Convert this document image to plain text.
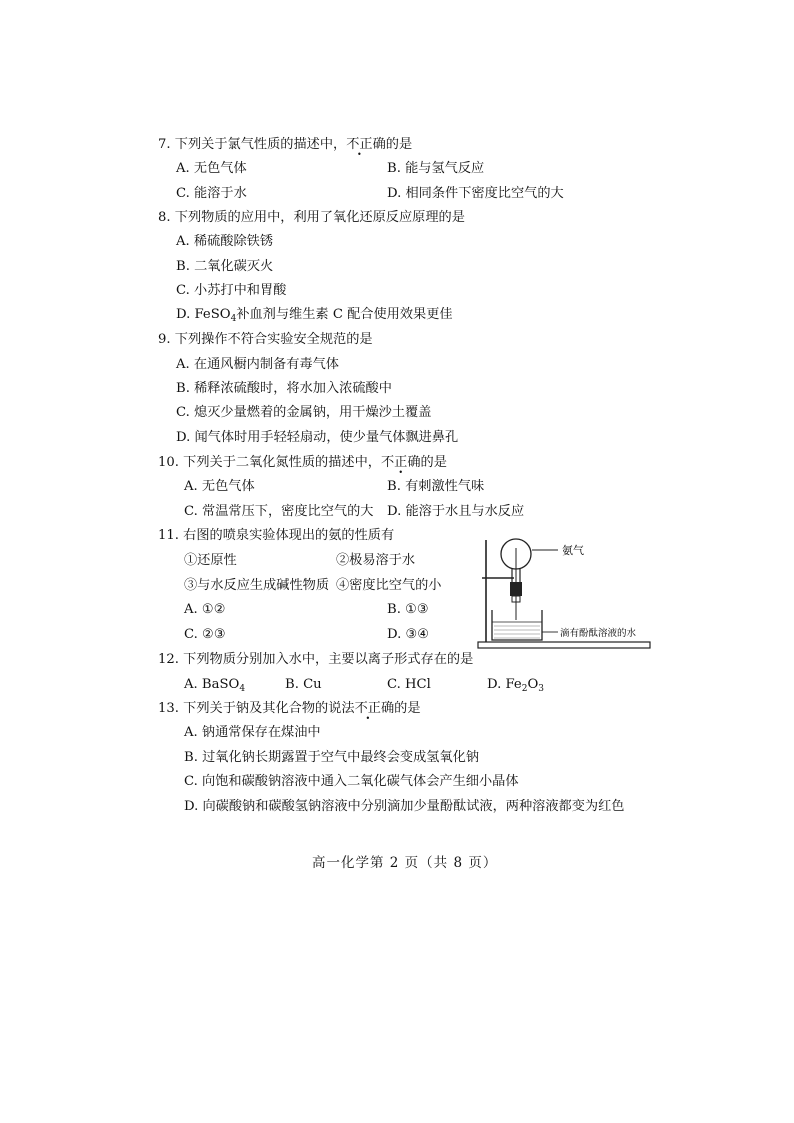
7. 下列关于氯气性质的描述中，不正确的是
A. 无色气体	B. 能与氢气反应
C. 能溶于水	D. 相同条件下密度比空气的大
8. 下列物质的应用中，利用了氧化还原反应原理的是
A. 稀硫酸除铁锈
B. 二氧化碳灭火
C. 小苏打中和胃酸
D. FeSO$_4$补血剂与维生素 C 配合使用效果更佳
9. 下列操作不符合实验安全规范的是
A. 在通风橱内制备有毒气体
B. 稀释浓硫酸时，将水加入浓硫酸中
C. 熄灭少量燃着的金属钠，用干燥沙土覆盖
D. 闻气体时用手轻轻扇动，使少量气体飘进鼻孔
10. 下列关于二氧化氮性质的描述中，不正确的是
A. 无色气体	B. 有刺激性气味
C. 常温常压下，密度比空气的大 D. 能溶于水且与水反应
11. 右图的喷泉实验体现出的氨的性质有
①还原性	②极易溶于水
③与水反应生成碱性物质 ④密度比空气的小
A. ①②	B. ①③
C. ②③	D. ③④
氨气
滴有酚酞溶液的水
12. 下列物质分别加入水中，主要以离子形式存在的是
A. BaSO$_4$	B. Cu	C. HCl	D. $Fe_2O_3$
13. 下列关于钠及其化合物的说法不正确的是
A. 钠通常保存在煤油中
B. 过氧化钠长期露置于空气中最终会变成氢氧化钠
C. 向饱和碳酸钠溶液中通入二氧化碳气体会产生细小晶体
D. 向碳酸钠和碳酸氢钠溶液中分别滴加少量酚酞试液，两种溶液都变为红色
高一化学第 2 页（共 8 页）
